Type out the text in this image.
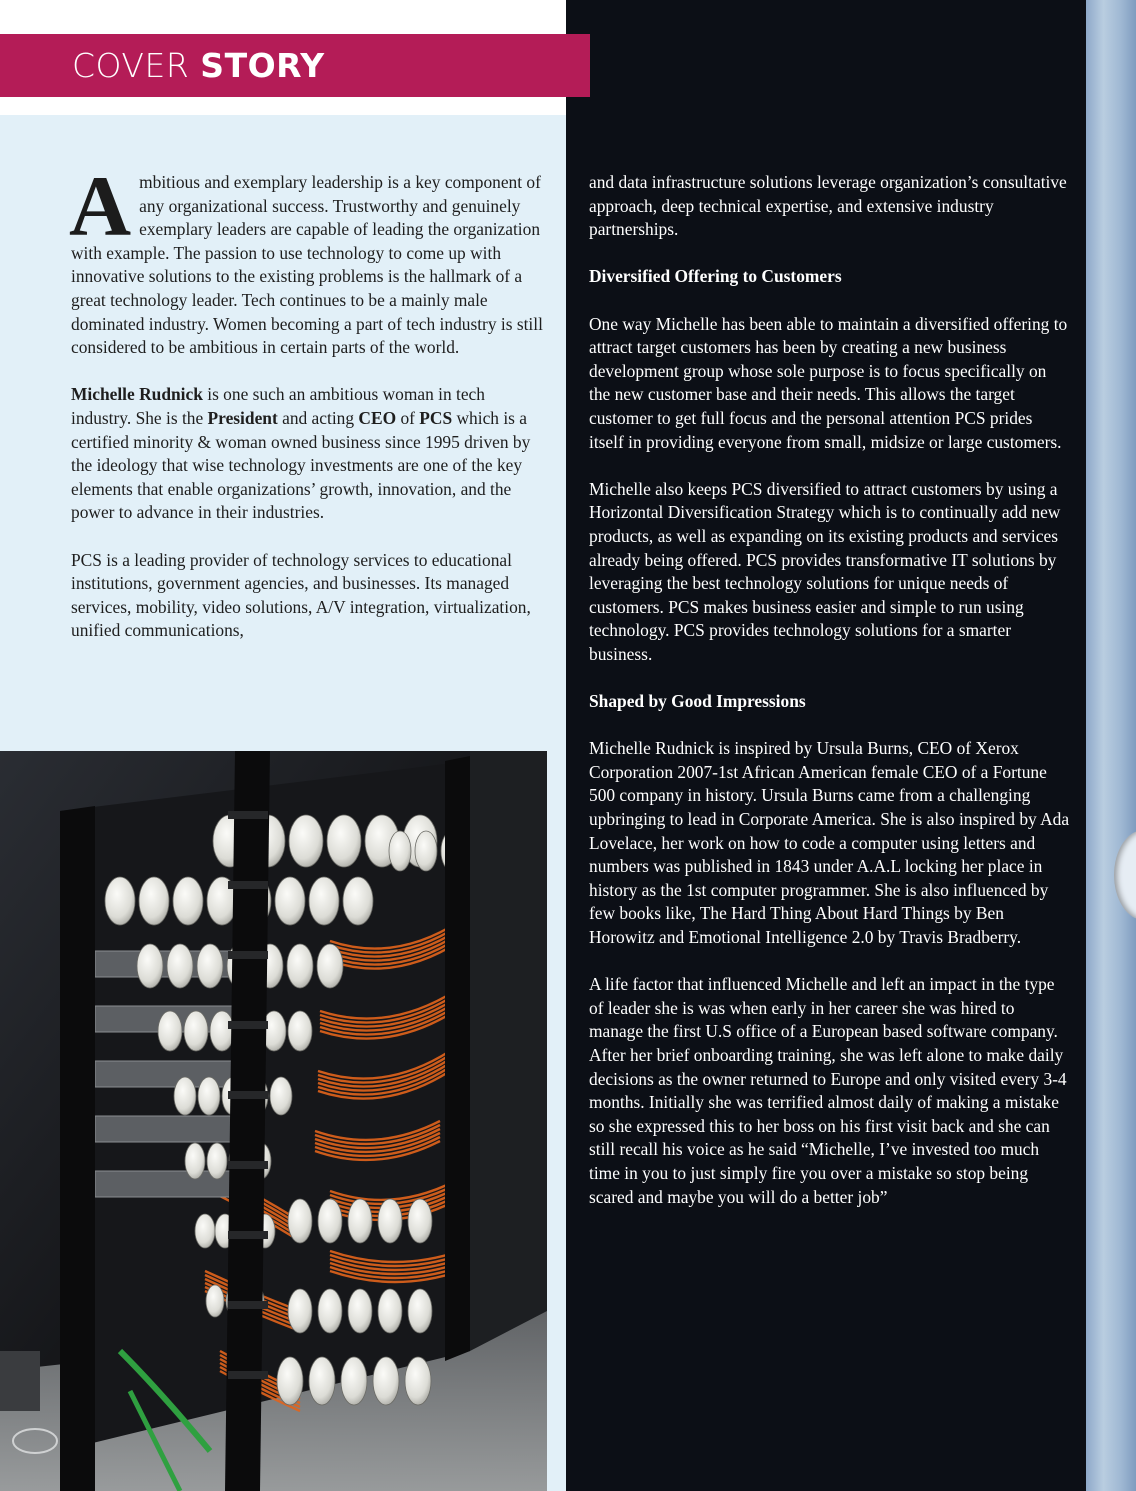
COVER STORY

Ambitious and exemplary leadership is a key component of any organizational success. Trustworthy and genuinely exemplary leaders are capable of leading the organization with example. The passion to use technology to come up with innovative solutions to the existing problems is the hallmark of a great technology leader. Tech continues to be a mainly male dominated industry. Women becoming a part of tech industry is still considered to be ambitious in certain parts of the world.

Michelle Rudnick is one such an ambitious woman in tech industry. She is the President and acting CEO of PCS which is a certified minority & woman owned business since 1995 driven by the ideology that wise technology investments are one of the key elements that enable organizations’ growth, innovation, and the power to advance in their industries.

PCS is a leading provider of technology services to educational institutions, government agencies, and businesses. Its managed services, mobility, video solutions, A/V integration, virtualization, unified communications,

and data infrastructure solutions leverage organization’s consultative approach, deep technical expertise, and extensive industry partnerships.

Diversified Offering to Customers

One way Michelle has been able to maintain a diversified offering to attract target customers has been by creating a new business development group whose sole purpose is to focus specifically on the new customer base and their needs. This allows the target customer to get full focus and the personal attention PCS prides itself in providing everyone from small, midsize or large customers.

Michelle also keeps PCS diversified to attract customers by using a Horizontal Diversification Strategy which is to continually add new products, as well as expanding on its existing products and services already being offered. PCS provides transformative IT solutions by leveraging the best technology solutions for unique needs of customers. PCS makes business easier and simple to run using technology. PCS provides technology solutions for a smarter business.

Shaped by Good Impressions

Michelle Rudnick is inspired by Ursula Burns, CEO of Xerox Corporation 2007-1st African American female CEO of a Fortune 500 company in history. Ursula Burns came from a challenging upbringing to lead in Corporate America. She is also inspired by Ada Lovelace, her work on how to code a computer using letters and numbers was published in 1843 under A.A.L locking her place in history as the 1st computer programmer. She is also influenced by few books like, The Hard Thing About Hard Things by Ben Horowitz and Emotional Intelligence 2.0 by Travis Bradberry.

A life factor that influenced Michelle and left an impact in the type of leader she is was when early in her career she was hired to manage the first U.S office of a European based software company. After her brief onboarding training, she was left alone to make daily decisions as the owner returned to Europe and only visited every 3-4 months. Initially she was terrified almost daily of making a mistake so she expressed this to her boss on his first visit back and she can still recall his voice as he said “Michelle, I’ve invested too much time in you to just simply fire you over a mistake so stop being scared and maybe you will do a better job”
